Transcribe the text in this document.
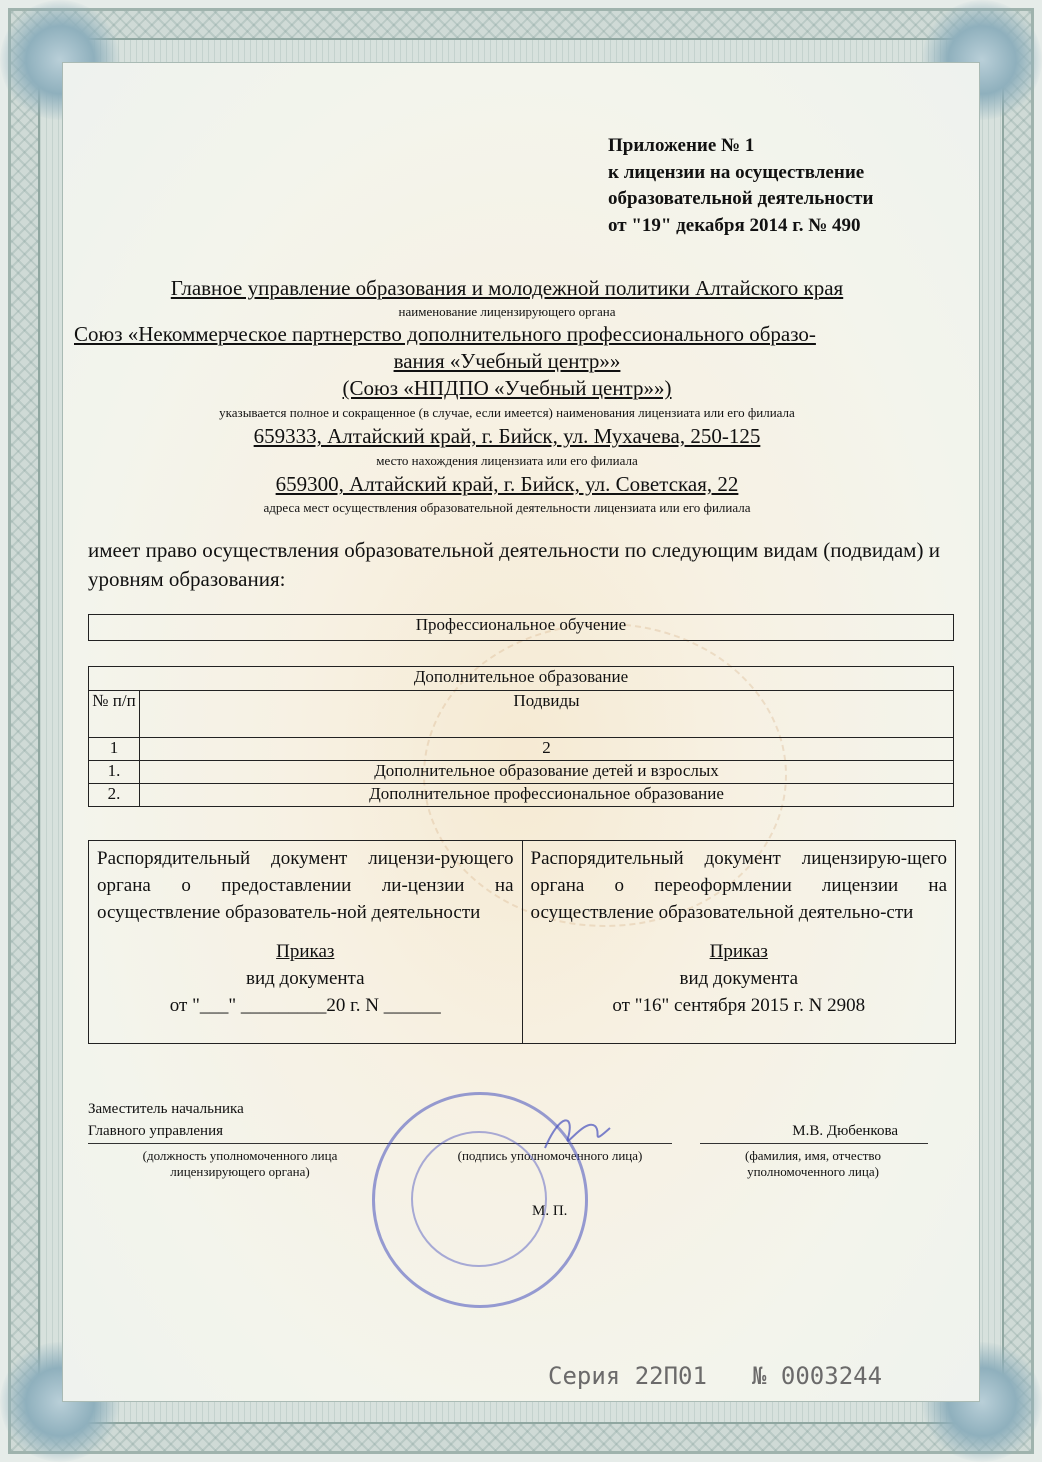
Приложение № 1
к лицензии на осуществление
образовательной деятельности
от "19" декабря 2014 г. № 490
Главное управление образования и молодежной политики Алтайского края
наименование лицензирующего органа
Союз «Некоммерческое партнерство дополнительного профессионального образо-
вания «Учебный центр»»
(Союз «НПДПО «Учебный центр»»)
указывается полное и сокращенное (в случае, если имеется) наименования лицензиата или его филиала
659333, Алтайский край, г. Бийск, ул. Мухачева, 250-125
место нахождения лицензиата или его филиала
659300, Алтайский край, г. Бийск, ул. Советская, 22
адреса мест осуществления образовательной деятельности лицензиата или его филиала
имеет право осуществления образовательной деятельности по следующим видам (подвидам) и уровням образования:
Профессиональное обучение
Дополнительное образование	
№ п/п	Подвиды
1	2
1.	Дополнительное образование детей и взрослых
2.	Дополнительное профессиональное образование
Распорядительный документ лицензи-рующего органа о предоставлении ли-цензии на осуществление образователь-ной деятельности
Приказ
вид документа
от "___" _________20 г. N ______
Распорядительный документ лицензирую-щего органа о переоформлении лицензии на осуществление образовательной деятельно-сти
Приказ
вид документа
от "16" сентября 2015 г. N 2908
Заместитель начальника
Главного управления	М.В. Дюбенкова
(должность уполномоченного лица лицензирующего органа)
(подпись уполномоченного лица)	(фамилия, имя, отчество уполномоченного лица)
М. П.
Серия 22П01 № 0003244
